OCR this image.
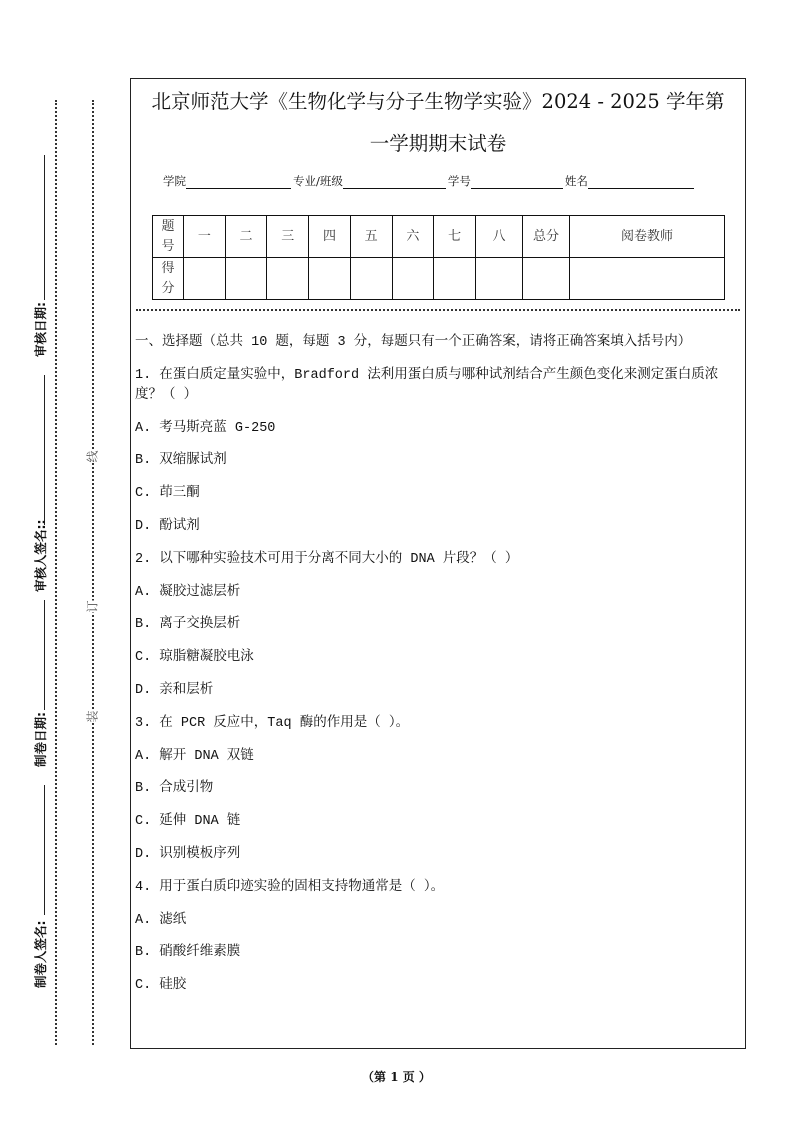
审核日期:
审核人签名::
制卷日期:
制卷人签名:
线
订
装
北京师范大学《生物化学与分子生物学实验》2024 - 2025 学年第
一学期期末试卷
学院	专业/班级	学号	姓名
题号	一	二	三	四	五	六	七	八	总分	阅卷教师
得分										
一、选择题（总共 10 题，每题 3 分，每题只有一个正确答案，请将正确答案填入括号内）
1. 在蛋白质定量实验中，Bradford 法利用蛋白质与哪种试剂结合产生颜色变化来测定蛋白质浓度？（ ）
A. 考马斯亮蓝 G-250
B. 双缩脲试剂
C. 茚三酮
D. 酚试剂
2. 以下哪种实验技术可用于分离不同大小的 DNA 片段？（ ）
A. 凝胶过滤层析
B. 离子交换层析
C. 琼脂糖凝胶电泳
D. 亲和层析
3. 在 PCR 反应中，Taq 酶的作用是（ ）。
A. 解开 DNA 双链
B. 合成引物
C. 延伸 DNA 链
D. 识别模板序列
4. 用于蛋白质印迹实验的固相支持物通常是（ ）。
A. 滤纸
B. 硝酸纤维素膜
C. 硅胶
（第 1 页 ）
